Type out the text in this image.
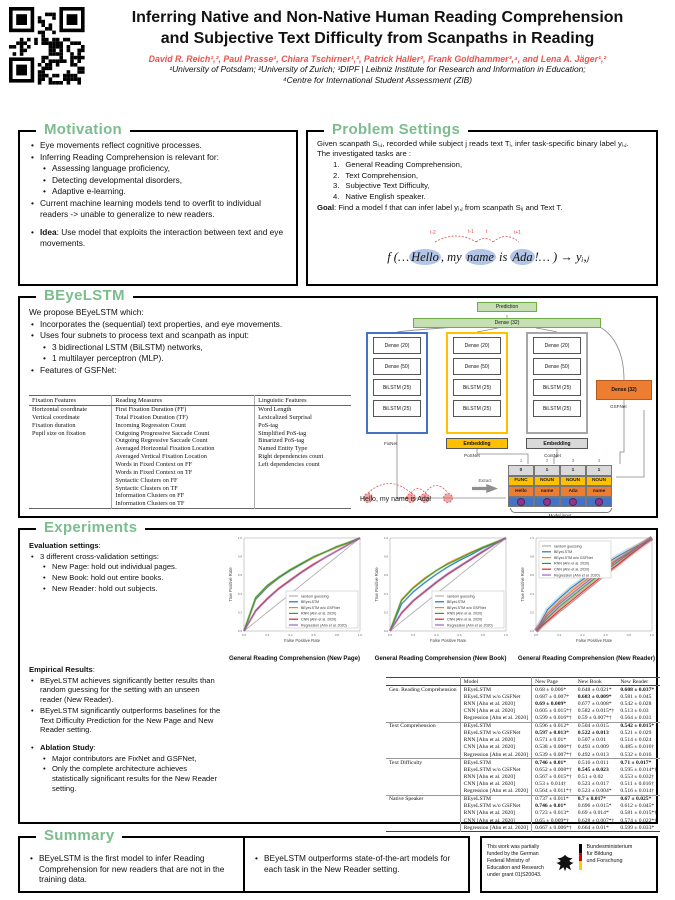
Inferring Native and Non-Native Human Reading Comprehension
and Subjective Text Difficulty from Scanpaths in Reading
David R. Reich¹,², Paul Prasse¹, Chiara Tschirner¹,², Patrick Haller², Frank Goldhammer³,⁴, and Lena A. Jäger¹,²
¹University of Potsdam; ²University of Zurich; ³DIPF | Leibniz Institute for Research and Information in Education;
⁴Centre for International Student Assessment (ZIB)
Motivation
• Eye movements reflect cognitive processes.
• Inferring Reading Comprehension is relevant for:
• Assessing language proficiency,
• Detecting developmental disorders,
• Adaptive e-learning.
• Current machine learning models tend to overfit to individual readers -> unable to generalize to new readers.
• Idea: Use model that exploits the interaction between text and eye movements.
Problem Settings
Given scanpath Sᵢ,ⱼ, recorded while subject j reads text Tᵢ, infer task-specific binary label yᵢ,ⱼ.
The investigated tasks are :
1. General Reading Comprehension,
2. Text Comprehension,
3. Subjective Text Difficulty,
4. Native English speaker.
Goal: Find a model f that can infer label yᵢ,ⱼ from scanpath Sᵢⱼ and Text T.
t-2	t-1 t	t+1
f (… Hello , my name is Ada !… ) → yᵢ,ⱼ
BEyeLSTM
We propose BEyeLSTM which:
• Incorporates the (sequential) text properties, and eye movements.
• Uses four subnets to process text and scanpath as input:
• 3 bidirectional LSTM (BiLSTM) networks,
• 1 multilayer perceptron (MLP).
• Features of GSFNet:
Fixation Features	Reading Measures	Linguistic Features
Horizontal coordinate	First Fixation Duration (FF)	Word Length
Vertical coordinate	Total Fixation Duration (TF)	Lexicalized Surprisal
Fixation duration	Incoming Regression Count	PoS-tag
Pupil size on fixation	Outgoing Progressive Saccade Count	Simplified PoS-tag
	Outgoing Regressive Saccade Count	Binarized PoS-tag
	Averaged Horizontal Fixation Location	Named Entity Type
	Averaged Vertical Fixation Location	Right dependencies count
	Words in Fixed Context on FF	Left dependencies count
	Words in Fixed Context on TF	
	Syntactic Clusters on FF	
	Syntactic Clusters on TF	
	Information Clusters on FF	
	Information Clusters on TF	
Prediction
Dense (32)
Dense (20)
Dense (50)
BiLSTM (25)
BiLSTM (25)
FixNet
Dense (20)
Dense (50)
BiLSTM (25)
BiLSTM (25)
Embedding
PoSNet
Dense (20)
Dense (50)
BiLSTM (25)
BiLSTM (25)
Embedding
ContNet
GSFNet
Dense (32)
Hello, my name is Ada!
Extract
1	2	3	4
0	1	1	1
FUNC	NOUN	NOUN	NOUN
Hello	name	Ada	name
Model input
Experiments
Evaluation settings:
• 3 different cross-validation settings:
• New Page: hold out individual pages.
• New Book: hold out entire books.
• New Reader: hold out subjects.
Empirical Results:
• BEyeLSTM achieves significantly better results than random guessing for the setting with an unseen reader (New Reader).
• BEyeLSTM significantly outperforms baselines for the Text Difficulty Prediction for the New Page and New Reader setting.
• Ablation Study:
• Major contributors are FixNet and GSFNet,
• Only the complete architecture achieves statistically significant results for the New Reader setting.
0.0
0.0
0.2
0.2
0.4
0.4
0.6
0.6
0.8
0.8
1.0
1.0
random guessing
BEyeLSTM
BEyeLSTM w/o GSFNet
RNN (Ahn et al. 2020)
CNN (Ahn et al. 2020)
Regression (Ahn et al. 2020)
False Positive Rate
True Positive Rate
General Reading Comprehension (New Page)
0.0
0.0
0.2
0.2
0.4
0.4
0.6
0.6
0.8
0.8
1.0
1.0
random guessing
BEyeLSTM
BEyeLSTM w/o GSFNet
RNN (Ahn et al. 2020)
CNN (Ahn et al. 2020)
Regression (Ahn et al. 2020)
False Positive Rate
True Positive Rate
General Reading Comprehension (New Book)
0.0
0.0
0.2
0.2
0.4
0.4
0.6
0.6
0.8
0.8
1.0
1.0
random guessing
BEyeLSTM
BEyeLSTM w/o GSFNet
RNN (Ahn et al. 2020)
CNN (Ahn et al. 2020)
Regression (Ahn et al. 2020)
False Positive Rate
True Positive Rate
General Reading Comprehension (New Reader)
	Model	New Page	New Book	New Reader
Gen. Reading Comprehension	BEyeLSTM	0.68 ± 0.006*	0.648 ± 0.021*	0.608 ± 0.037*
	BEyeLSTM w/o GSFNet	0.687 ± 0.007*	0.683 ± 0.009*	0.581 ± 0.045
	RNN [Ahn et al. 2020]	0.69 ± 0.009*	0.677 ± 0.008*	0.542 ± 0.028
	CNN [Ahn et al. 2020]	0.605 ± 0.015*†	0.582 ± 0.015*†	0.513 ± 0.03
	Regression [Ahn et al. 2020]	0.599 ± 0.016*†	0.59 ± 0.007*†	0.564 ± 0.031
Text Comprehension	BEyeLSTM	0.596 ± 0.012*	0.504 ± 0.015	0.542 ± 0.015*
	BEyeLSTM w/o GSFNet	0.597 ± 0.013*	0.522 ± 0.013	0.521 ± 0.029
	RNN [Ahn et al. 2020]	0.571 ± 0.01*	0.507 ± 0.01	0.514 ± 0.024
	CNN [Ahn et al. 2020]	0.538 ± 0.006*†	0.493 ± 0.009	0.485 ± 0.016†
	Regression [Ahn et al. 2020]	0.539 ± 0.007*†	0.492 ± 0.013	0.532 ± 0.016
Text Difficulty	BEyeLSTM	0.746 ± 0.01*	0.516 ± 0.011	0.71 ± 0.017*
	BEyeLSTM w/o GSFNet	0.652 ± 0.008*†	0.545 ± 0.023	0.595 ± 0.014*†
	RNN [Ahn et al. 2020]	0.567 ± 0.015*†	0.51 ± 0.02	0.553 ± 0.032†
	CNN [Ahn et al. 2020]	0.53 ± 0.014†	0.523 ± 0.017	0.511 ± 0.016†
	Regression [Ahn et al. 2020]	0.564 ± 0.011*†	0.523 ± 0.004*	0.516 ± 0.014†
Native Speaker	BEyeLSTM	0.737 ± 0.011*	0.7 ± 0.017*	0.67 ± 0.025*
	BEyeLSTM w/o GSFNet	0.746 ± 0.01*	0.696 ± 0.015*	0.612 ± 0.045*
	RNN [Ahn et al. 2020]	0.723 ± 0.013*	0.69 ± 0.014*	0.581 ± 0.015*†
	CNN [Ahn et al. 2020]	0.65 ± 0.009*†	0.628 ± 0.007*†	0.574 ± 0.022*†
	Regression [Ahn et al. 2020]	0.667 ± 0.006*†	0.664 ± 0.01*	0.599 ± 0.033*
Summary
• BEyeLSTM is the first model to infer Reading Comprehension for new readers that are not in the training data.
• BEyeLSTM outperforms state-of-the-art models for each task in the New Reader setting.
This work was partially funded by the German Federal Ministry of Education and Research under grant 01|S20043.
Bundesministerium
für Bildung
und Forschung
